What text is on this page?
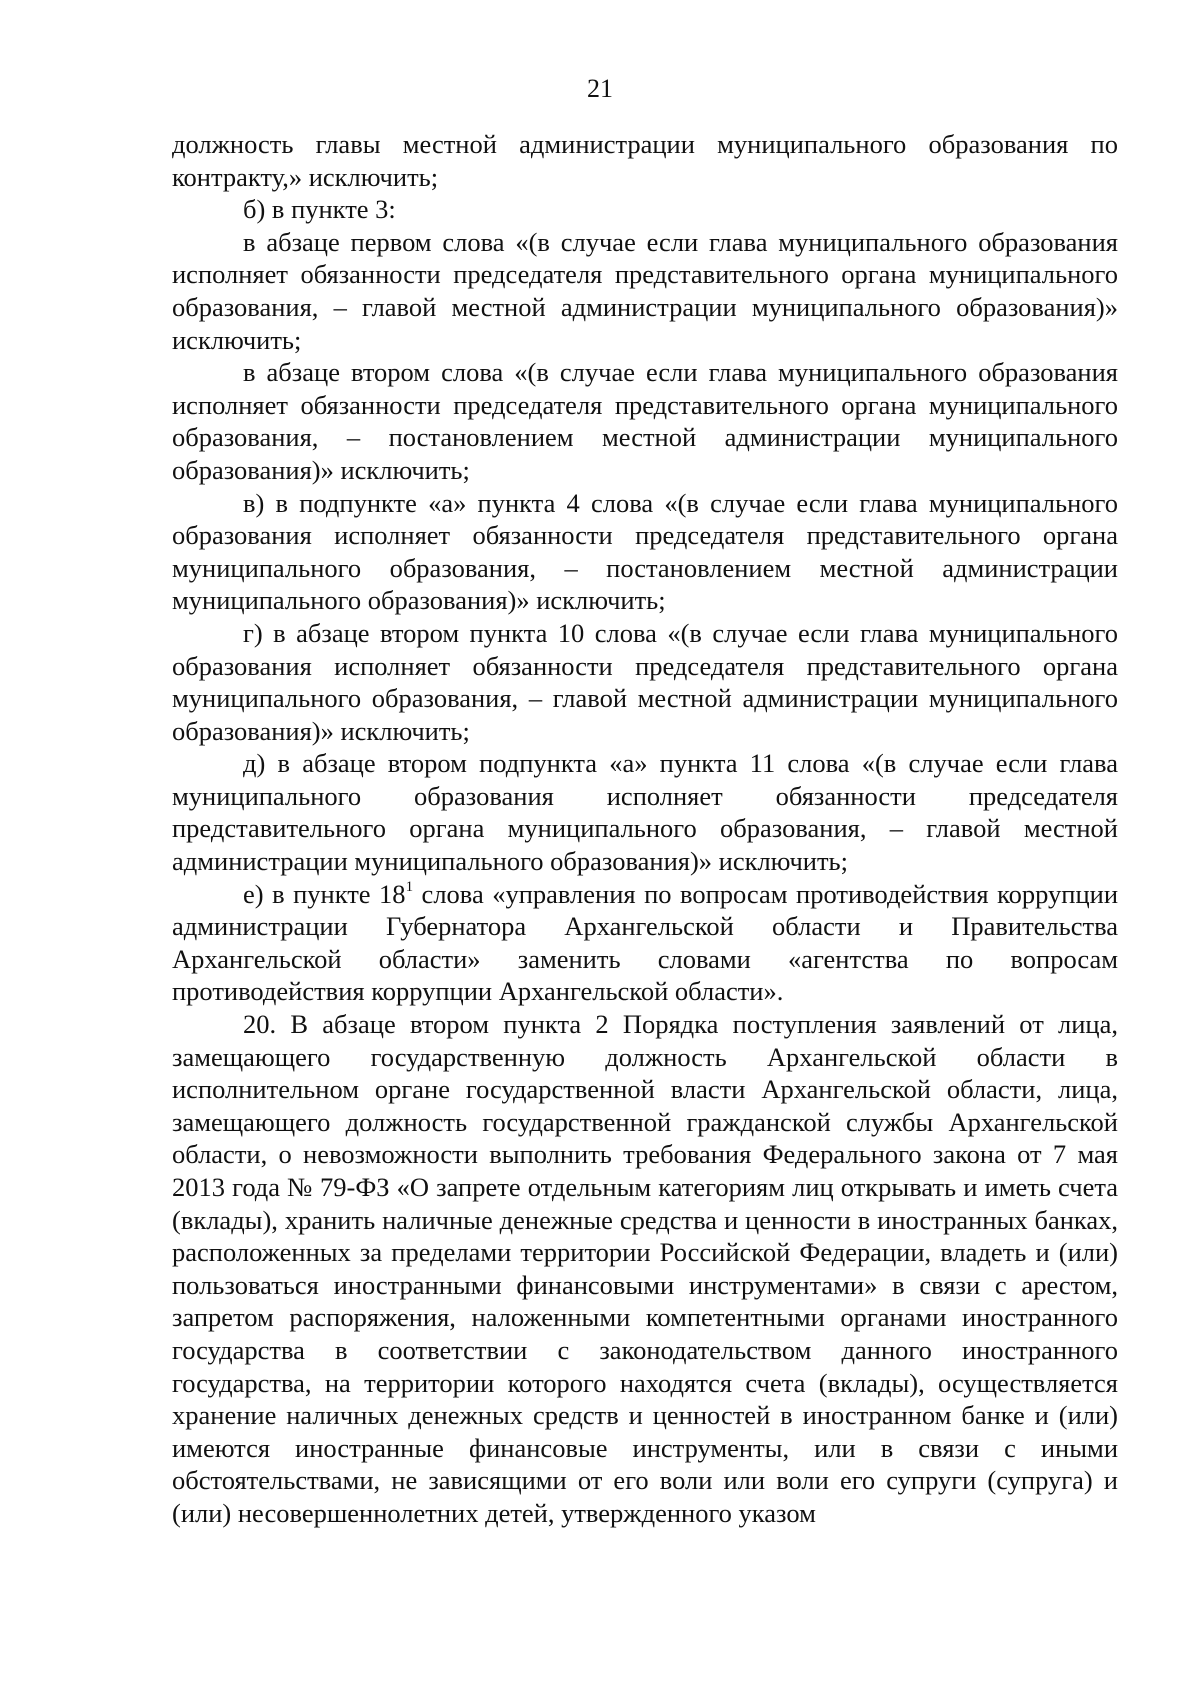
21

должность главы местной администрации муниципального образования по контракту,» исключить;

б) в пункте 3:

в абзаце первом слова «(в случае если глава муниципального образования исполняет обязанности председателя представительного органа муниципального образования, – главой местной администрации муниципального образования)» исключить;

в абзаце втором слова «(в случае если глава муниципального образования исполняет обязанности председателя представительного органа муниципального образования, – постановлением местной администрации муниципального образования)» исключить;

в) в подпункте «а» пункта 4 слова «(в случае если глава муниципального образования исполняет обязанности председателя представительного органа муниципального образования, – постановлением местной администрации муниципального образования)» исключить;

г) в абзаце втором пункта 10 слова «(в случае если глава муниципального образования исполняет обязанности председателя представительного органа муниципального образования, – главой местной администрации муниципального образования)» исключить;

д) в абзаце втором подпункта «а» пункта 11 слова «(в случае если глава муниципального образования исполняет обязанности председателя представительного органа муниципального образования, – главой местной администрации муниципального образования)» исключить;

е) в пункте $18^1$ слова «управления по вопросам противодействия коррупции администрации Губернатора Архангельской области и Правительства Архангельской области» заменить словами «агентства по вопросам противодействия коррупции Архангельской области».

20. В абзаце втором пункта 2 Порядка поступления заявлений от лица, замещающего государственную должность Архангельской области в исполнительном органе государственной власти Архангельской области, лица, замещающего должность государственной гражданской службы Архангельской области, о невозможности выполнить требования Федерального закона от 7 мая 2013 года № 79-ФЗ «О запрете отдельным категориям лиц открывать и иметь счета (вклады), хранить наличные денежные средства и ценности в иностранных банках, расположенных за пределами территории Российской Федерации, владеть и (или) пользоваться иностранными финансовыми инструментами» в связи с арестом, запретом распоряжения, наложенными компетентными органами иностранного государства в соответствии с законодательством данного иностранного государства, на территории которого находятся счета (вклады), осуществляется хранение наличных денежных средств и ценностей в иностранном банке и (или) имеются иностранные финансовые инструменты, или в связи с иными обстоятельствами, не зависящими от его воли или воли его супруги (супруга) и (или) несовершеннолетних детей, утвержденного указом
